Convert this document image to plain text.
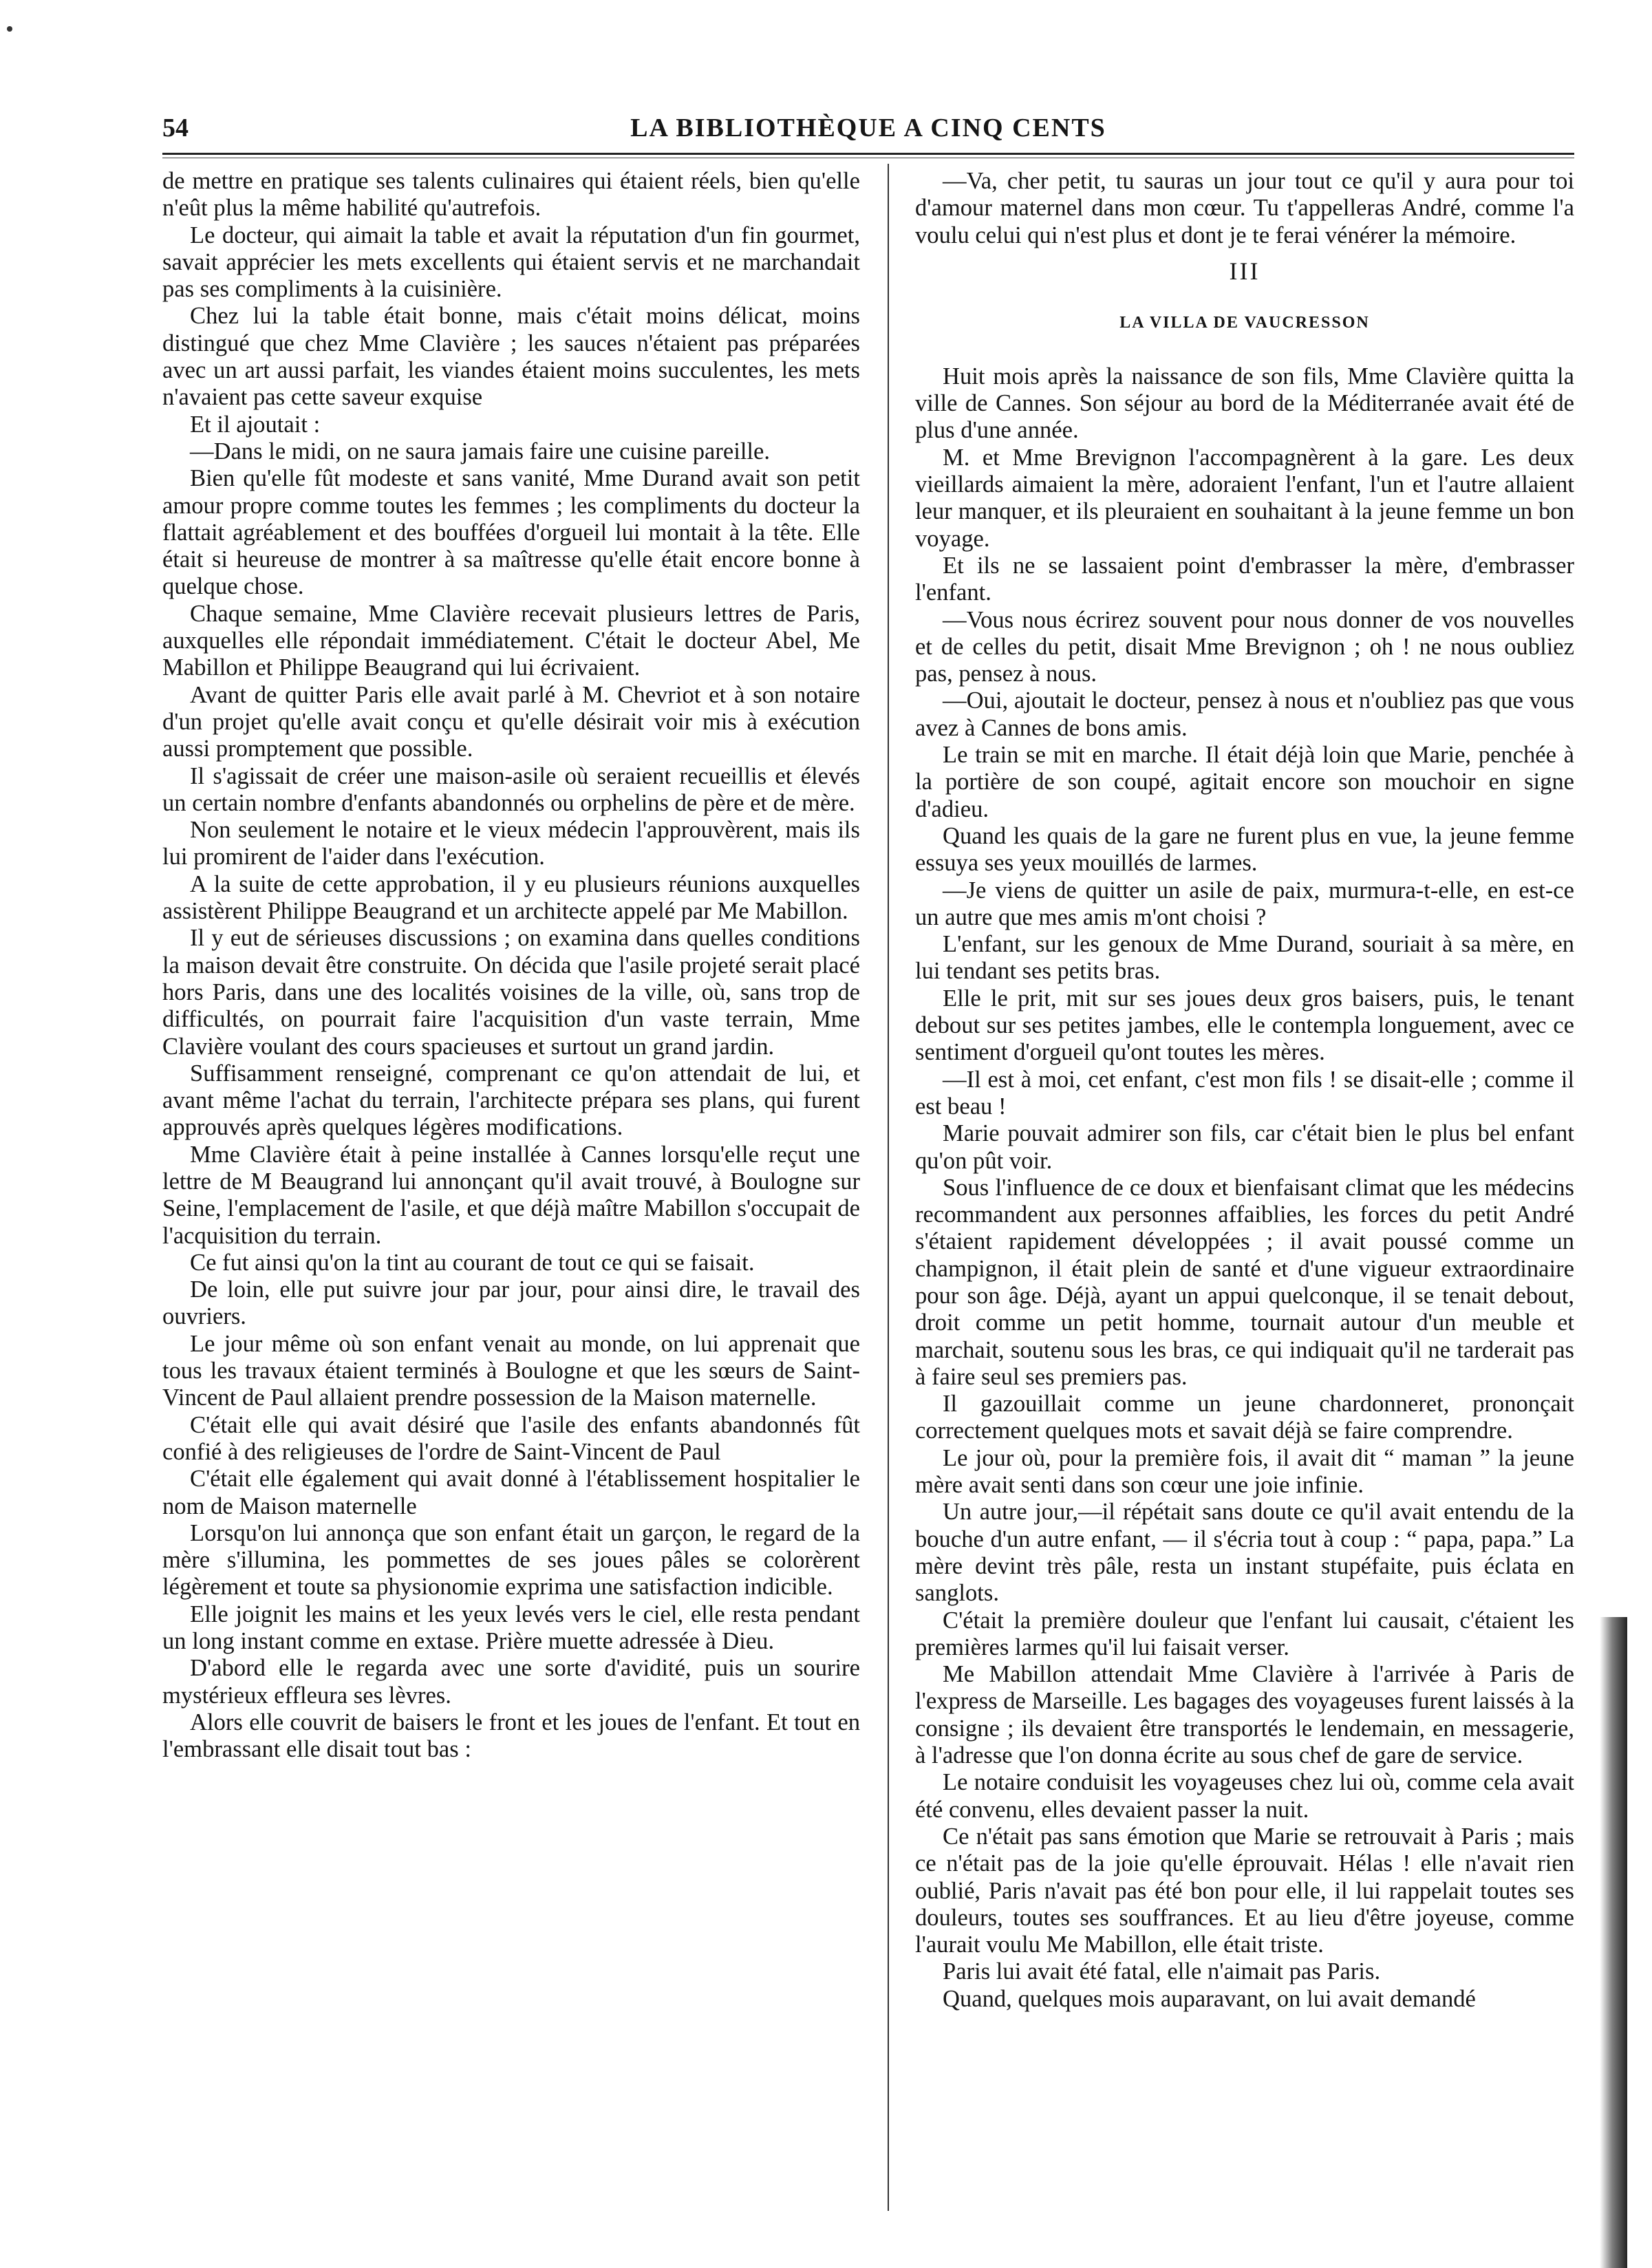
54	LA BIBLIOTHÈQUE A CINQ CENTS

de mettre en pratique ses talents culinaires qui étaient réels, bien qu'elle n'eût plus la même habilité qu'autrefois.

Le docteur, qui aimait la table et avait la réputation d'un fin gourmet, savait apprécier les mets excellents qui étaient servis et ne marchandait pas ses compliments à la cuisinière.

Chez lui la table était bonne, mais c'était moins délicat, moins distingué que chez Mme Clavière ; les sauces n'étaient pas préparées avec un art aussi parfait, les viandes étaient moins succulentes, les mets n'avaient pas cette saveur exquise

Et il ajoutait :

—Dans le midi, on ne saura jamais faire une cuisine pareille.

Bien qu'elle fût modeste et sans vanité, Mme Durand avait son petit amour propre comme toutes les femmes ; les compliments du docteur la flattait agréablement et des bouffées d'orgueil lui montait à la tête. Elle était si heureuse de montrer à sa maîtresse qu'elle était encore bonne à quelque chose.

Chaque semaine, Mme Clavière recevait plusieurs lettres de Paris, auxquelles elle répondait immédiatement. C'était le docteur Abel, Me Mabillon et Philippe Beaugrand qui lui écrivaient.

Avant de quitter Paris elle avait parlé à M. Chevriot et à son notaire d'un projet qu'elle avait conçu et qu'elle désirait voir mis à exécution aussi promptement que possible.

Il s'agissait de créer une maison-asile où seraient recueillis et élevés un certain nombre d'enfants abandonnés ou orphelins de père et de mère.

Non seulement le notaire et le vieux médecin l'approuvèrent, mais ils lui promirent de l'aider dans l'exécution.

A la suite de cette approbation, il y eu plusieurs réunions auxquelles assistèrent Philippe Beaugrand et un architecte appelé par Me Mabillon.

Il y eut de sérieuses discussions ; on examina dans quelles conditions la maison devait être construite. On décida que l'asile projeté serait placé hors Paris, dans une des localités voisines de la ville, où, sans trop de difficultés, on pourrait faire l'acquisition d'un vaste terrain, Mme Clavière voulant des cours spacieuses et surtout un grand jardin.

Suffisamment renseigné, comprenant ce qu'on attendait de lui, et avant même l'achat du terrain, l'architecte prépara ses plans, qui furent approuvés après quelques légères modifications.

Mme Clavière était à peine installée à Cannes lorsqu'elle reçut une lettre de M Beaugrand lui annonçant qu'il avait trouvé, à Boulogne sur Seine, l'emplacement de l'asile, et que déjà maître Mabillon s'occupait de l'acquisition du terrain.

Ce fut ainsi qu'on la tint au courant de tout ce qui se faisait.

De loin, elle put suivre jour par jour, pour ainsi dire, le travail des ouvriers.

Le jour même où son enfant venait au monde, on lui apprenait que tous les travaux étaient terminés à Boulogne et que les sœurs de Saint-Vincent de Paul allaient prendre possession de la Maison maternelle.

C'était elle qui avait désiré que l'asile des enfants abandonnés fût confié à des religieuses de l'ordre de Saint-Vincent de Paul

C'était elle également qui avait donné à l'établissement hospitalier le nom de Maison maternelle

Lorsqu'on lui annonça que son enfant était un garçon, le regard de la mère s'illumina, les pommettes de ses joues pâles se colorèrent légèrement et toute sa physionomie exprima une satisfaction indicible.

Elle joignit les mains et les yeux levés vers le ciel, elle resta pendant un long instant comme en extase. Prière muette adressée à Dieu.

D'abord elle le regarda avec une sorte d'avidité, puis un sourire mystérieux effleura ses lèvres.

Alors elle couvrit de baisers le front et les joues de l'enfant. Et tout en l'embrassant elle disait tout bas :

—Va, cher petit, tu sauras un jour tout ce qu'il y aura pour toi d'amour maternel dans mon cœur. Tu t'appelleras André, comme l'a voulu celui qui n'est plus et dont je te ferai vénérer la mémoire.

III
LA VILLA DE VAUCRESSON

Huit mois après la naissance de son fils, Mme Clavière quitta la ville de Cannes. Son séjour au bord de la Méditerranée avait été de plus d'une année.

M. et Mme Brevignon l'accompagnèrent à la gare. Les deux vieillards aimaient la mère, adoraient l'enfant, l'un et l'autre allaient leur manquer, et ils pleuraient en souhaitant à la jeune femme un bon voyage.

Et ils ne se lassaient point d'embrasser la mère, d'embrasser l'enfant.

—Vous nous écrirez souvent pour nous donner de vos nouvelles et de celles du petit, disait Mme Brevignon ; oh ! ne nous oubliez pas, pensez à nous.

—Oui, ajoutait le docteur, pensez à nous et n'oubliez pas que vous avez à Cannes de bons amis.

Le train se mit en marche. Il était déjà loin que Marie, penchée à la portière de son coupé, agitait encore son mouchoir en signe d'adieu.

Quand les quais de la gare ne furent plus en vue, la jeune femme essuya ses yeux mouillés de larmes.

—Je viens de quitter un asile de paix, murmura-t-elle, en est-ce un autre que mes amis m'ont choisi ?

L'enfant, sur les genoux de Mme Durand, souriait à sa mère, en lui tendant ses petits bras.

Elle le prit, mit sur ses joues deux gros baisers, puis, le tenant debout sur ses petites jambes, elle le contempla longuement, avec ce sentiment d'orgueil qu'ont toutes les mères.

—Il est à moi, cet enfant, c'est mon fils ! se disait-elle ; comme il est beau !

Marie pouvait admirer son fils, car c'était bien le plus bel enfant qu'on pût voir.

Sous l'influence de ce doux et bienfaisant climat que les médecins recommandent aux personnes affaiblies, les forces du petit André s'étaient rapidement développées ; il avait poussé comme un champignon, il était plein de santé et d'une vigueur extraordinaire pour son âge. Déjà, ayant un appui quelconque, il se tenait debout, droit comme un petit homme, tournait autour d'un meuble et marchait, soutenu sous les bras, ce qui indiquait qu'il ne tarderait pas à faire seul ses premiers pas.

Il gazouillait comme un jeune chardonneret, prononçait correctement quelques mots et savait déjà se faire comprendre.

Le jour où, pour la première fois, il avait dit “ maman ” la jeune mère avait senti dans son cœur une joie infinie.

Un autre jour,—il répétait sans doute ce qu'il avait entendu de la bouche d'un autre enfant, — il s'écria tout à coup : “ papa, papa.” La mère devint très pâle, resta un instant stupéfaite, puis éclata en sanglots.

C'était la première douleur que l'enfant lui causait, c'étaient les premières larmes qu'il lui faisait verser.

Me Mabillon attendait Mme Clavière à l'arrivée à Paris de l'express de Marseille. Les bagages des voyageuses furent laissés à la consigne ; ils devaient être transportés le lendemain, en messagerie, à l'adresse que l'on donna écrite au sous chef de gare de service.

Le notaire conduisit les voyageuses chez lui où, comme cela avait été convenu, elles devaient passer la nuit.

Ce n'était pas sans émotion que Marie se retrouvait à Paris ; mais ce n'était pas de la joie qu'elle éprouvait. Hélas ! elle n'avait rien oublié, Paris n'avait pas été bon pour elle, il lui rappelait toutes ses douleurs, toutes ses souffrances. Et au lieu d'être joyeuse, comme l'aurait voulu Me Mabillon, elle était triste.

Paris lui avait été fatal, elle n'aimait pas Paris.

Quand, quelques mois auparavant, on lui avait demandé
